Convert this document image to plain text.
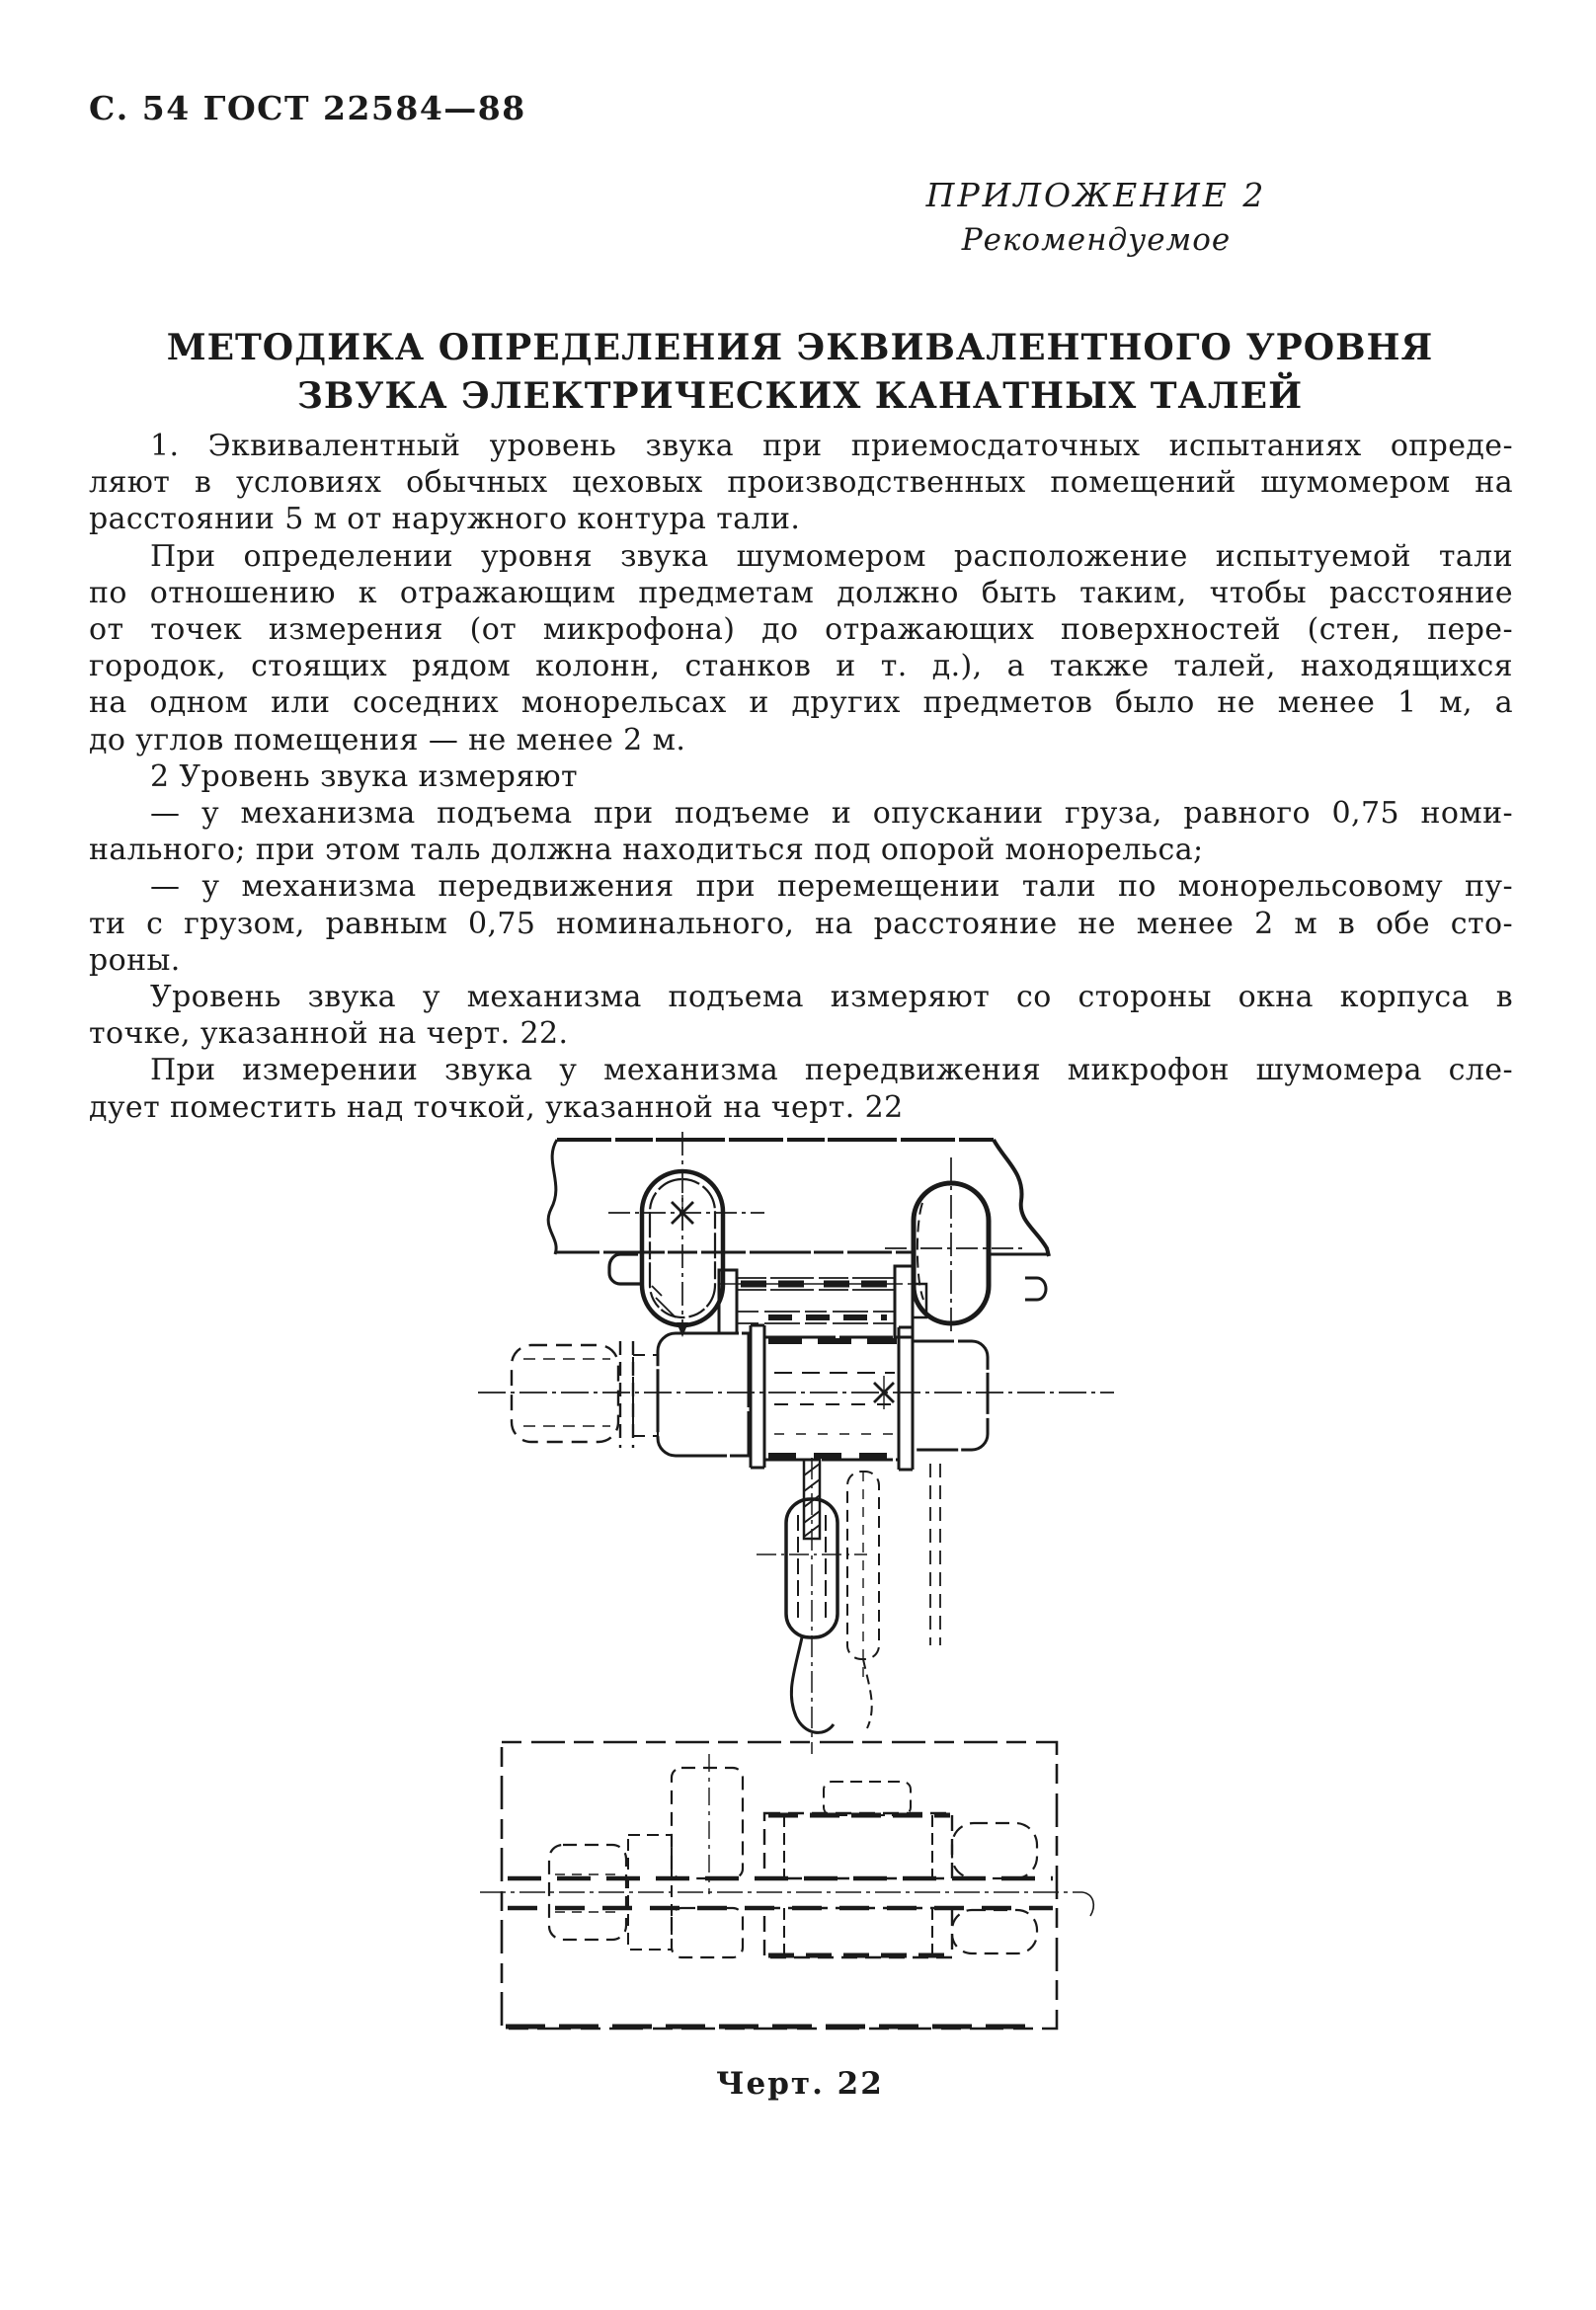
С. 54 ГОСТ 22584—88
ПРИЛОЖЕНИЕ 2
Рекомендуемое
МЕТОДИКА ОПРЕДЕЛЕНИЯ ЭКВИВАЛЕНТНОГО УРОВНЯ
ЗВУКА ЭЛЕКТРИЧЕСКИХ КАНАТНЫХ ТАЛЕЙ
1. Эквивалентный уровень звука при приемосдаточных испытаниях опреде-
ляют в условиях обычных цеховых производственных помещений шумомером на
расстоянии 5 м от наружного контура тали.
При определении уровня звука шумомером расположение испытуемой тали
по отношению к отражающим предметам должно быть таким, чтобы расстояние
от точек измерения (от микрофона) до отражающих поверхностей (стен, пере-
городок, стоящих рядом колонн, станков и т. д.), а также талей, находящихся
на одном или соседних монорельсах и других предметов было не менее 1 м, а
до углов помещения — не менее 2 м.
2 Уровень звука измеряют
— у механизма подъема при подъеме и опускании груза, равного 0,75 номи-
нального; при этом таль должна находиться под опорой монорельса;
— у механизма передвижения при перемещении тали по монорельсовому пу-
ти с грузом, равным 0,75 номинального, на расстояние не менее 2 м в обе сто-
роны.
Уровень звука у механизма подъема измеряют со стороны окна корпуса в
точке, указанной на черт. 22.
При измерении звука у механизма передвижения микрофон шумомера сле-
дует поместить над точкой, указанной на черт. 22
Черт. 22
